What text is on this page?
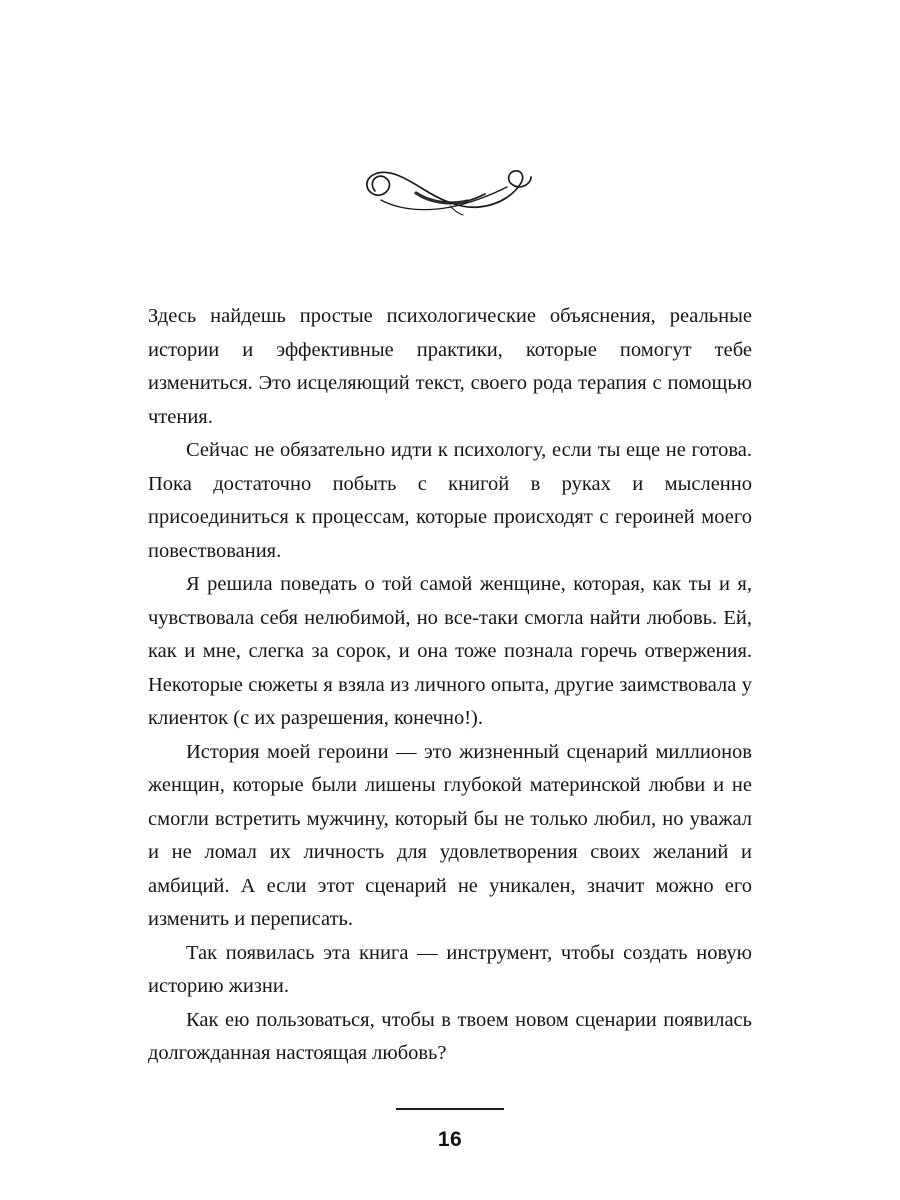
Здесь найдешь простые психологические объяснения, реальные истории и эффективные практики, которые помогут тебе измениться. Это исцеляющий текст, своего рода терапия с помощью чтения.

Сейчас не обязательно идти к психологу, если ты еще не готова. Пока достаточно побыть с книгой в руках и мысленно присоединиться к процессам, которые происходят с героиней моего повествования.

Я решила поведать о той самой женщине, которая, как ты и я, чувствовала себя нелюбимой, но все-таки смогла найти любовь. Ей, как и мне, слегка за сорок, и она тоже познала горечь отвержения. Некоторые сюжеты я взяла из личного опыта, другие заимствовала у клиенток (с их разрешения, конечно!).

История моей героини — это жизненный сценарий миллионов женщин, которые были лишены глубокой материнской любви и не смогли встретить мужчину, который бы не только любил, но уважал и не ломал их личность для удовлетворения своих желаний и амбиций. А если этот сценарий не уникален, значит можно его изменить и переписать.

Так появилась эта книга — инструмент, чтобы создать новую историю жизни.

Как ею пользоваться, чтобы в твоем новом сценарии появилась долгожданная настоящая любовь?

16
